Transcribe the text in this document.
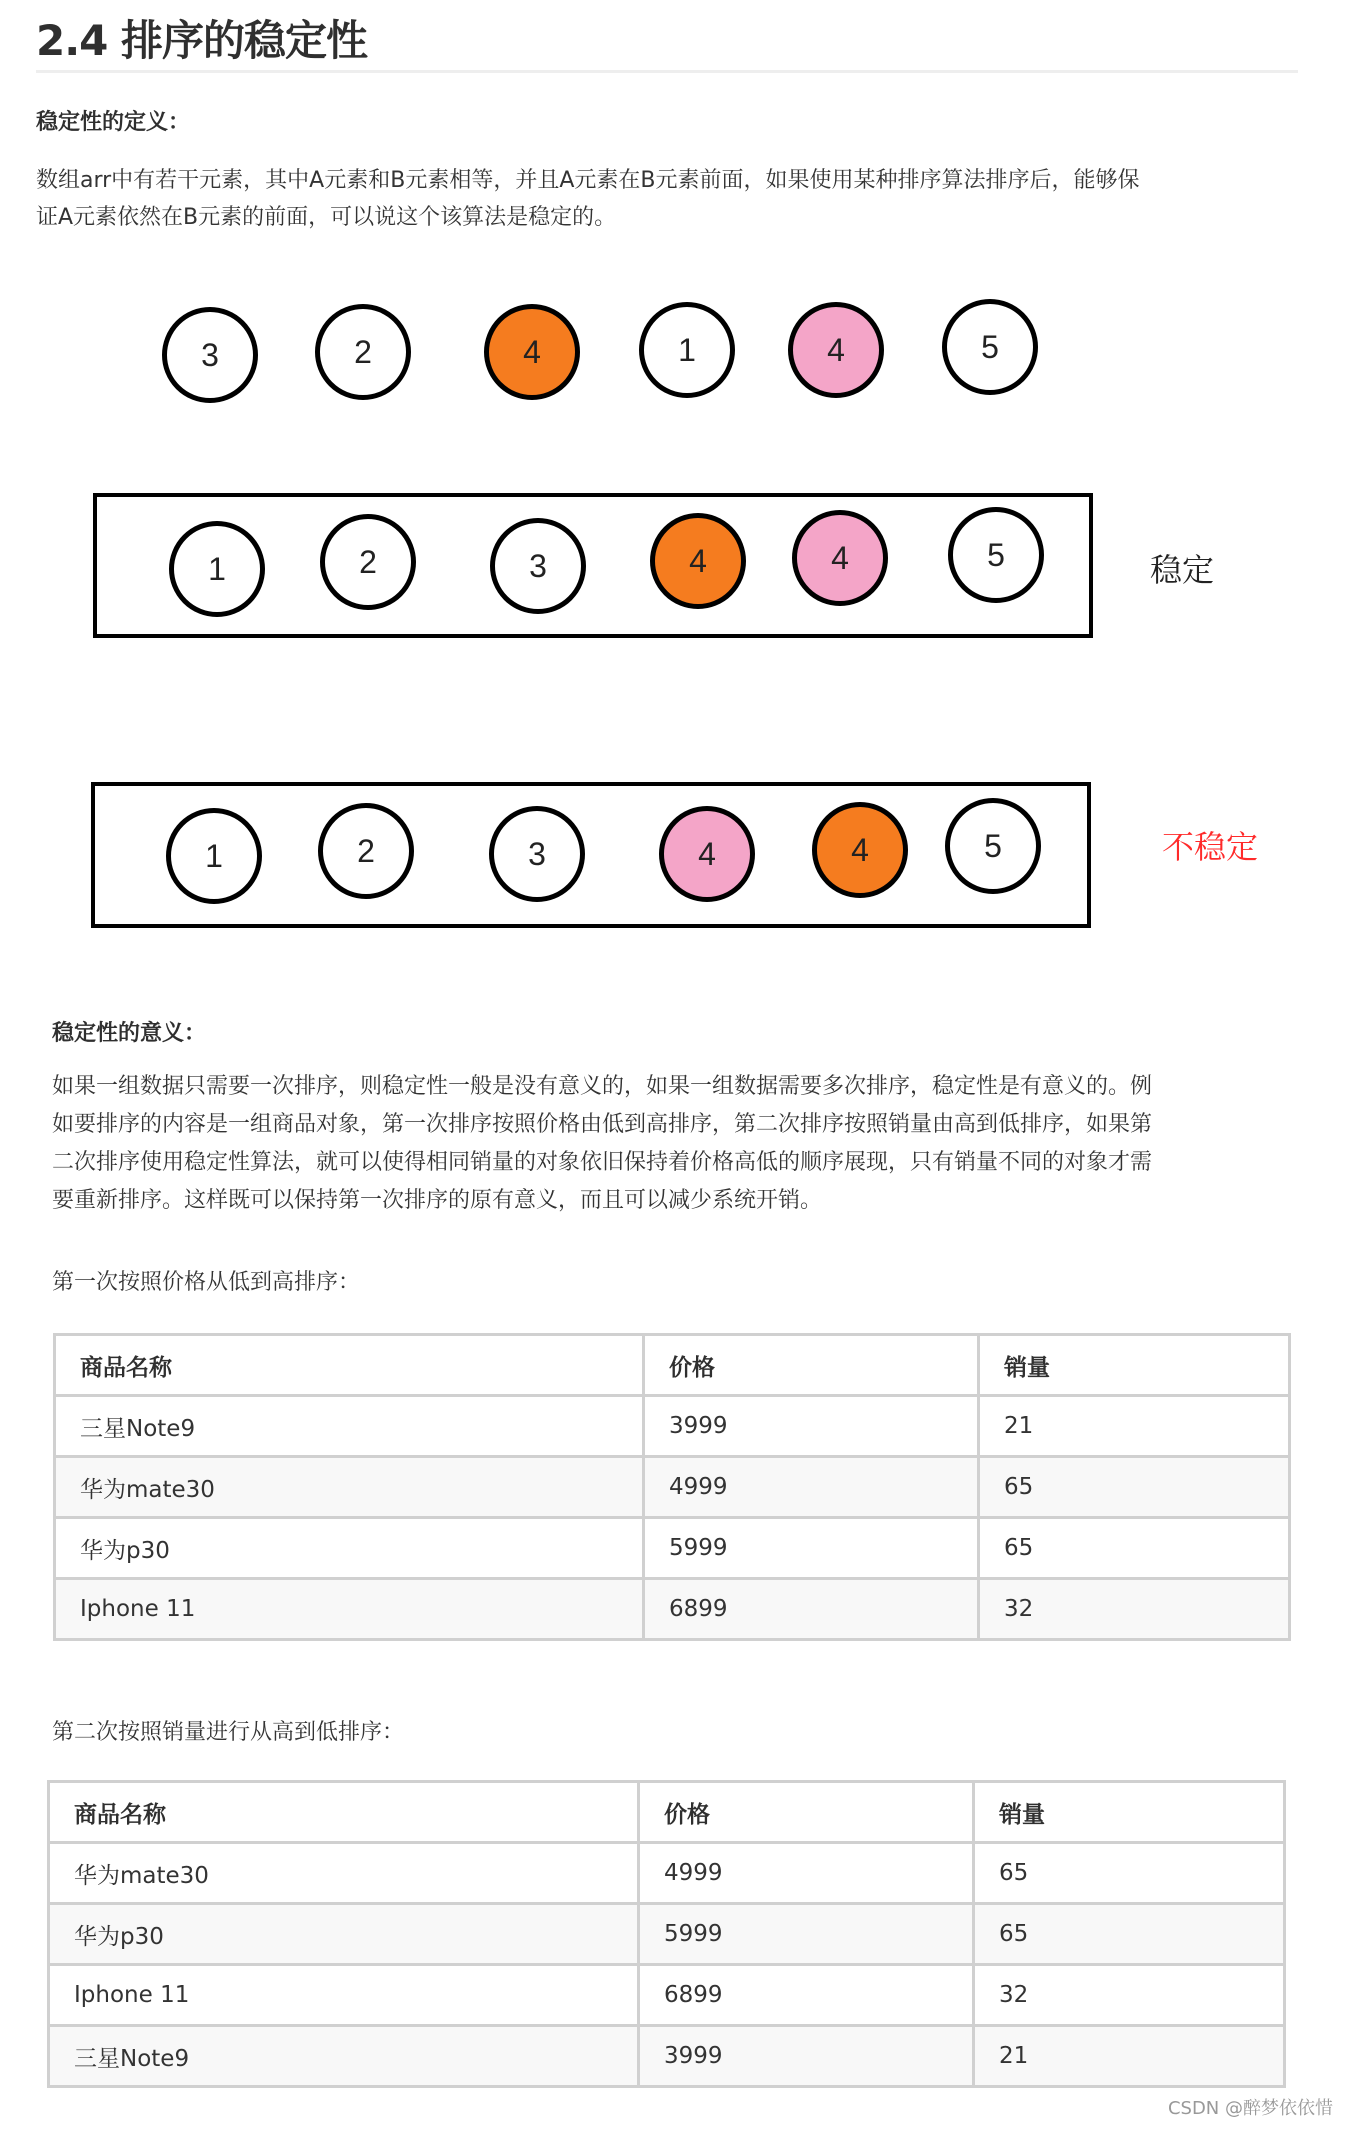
2.4 排序的稳定性
稳定性的定义：
数组arr中有若干元素，其中A元素和B元素相等，并且A元素在B元素前面，如果使用某种排序算法排序后，能够保
证A元素依然在B元素的前面，可以说这个该算法是稳定的。
稳定
不稳定
3	2	4	1	4	5
1	2	3	4	4	5
1	2	3	4	4	5
稳定性的意义：
如果一组数据只需要一次排序，则稳定性一般是没有意义的，如果一组数据需要多次排序，稳定性是有意义的。例
如要排序的内容是一组商品对象，第一次排序按照价格由低到高排序，第二次排序按照销量由高到低排序，如果第
二次排序使用稳定性算法，就可以使得相同销量的对象依旧保持着价格高低的顺序展现，只有销量不同的对象才需
要重新排序。这样既可以保持第一次排序的原有意义，而且可以减少系统开销。
第一次按照价格从低到高排序：
商品名称	价格	销量
三星Note9	3999	21
华为mate30	4999	65
华为p30	5999	65
Iphone 11	6899	32
第二次按照销量进行从高到低排序：
商品名称	价格	销量
华为mate30	4999	65
华为p30	5999	65
Iphone 11	6899	32
三星Note9	3999	21
CSDN @醉梦依依惜
